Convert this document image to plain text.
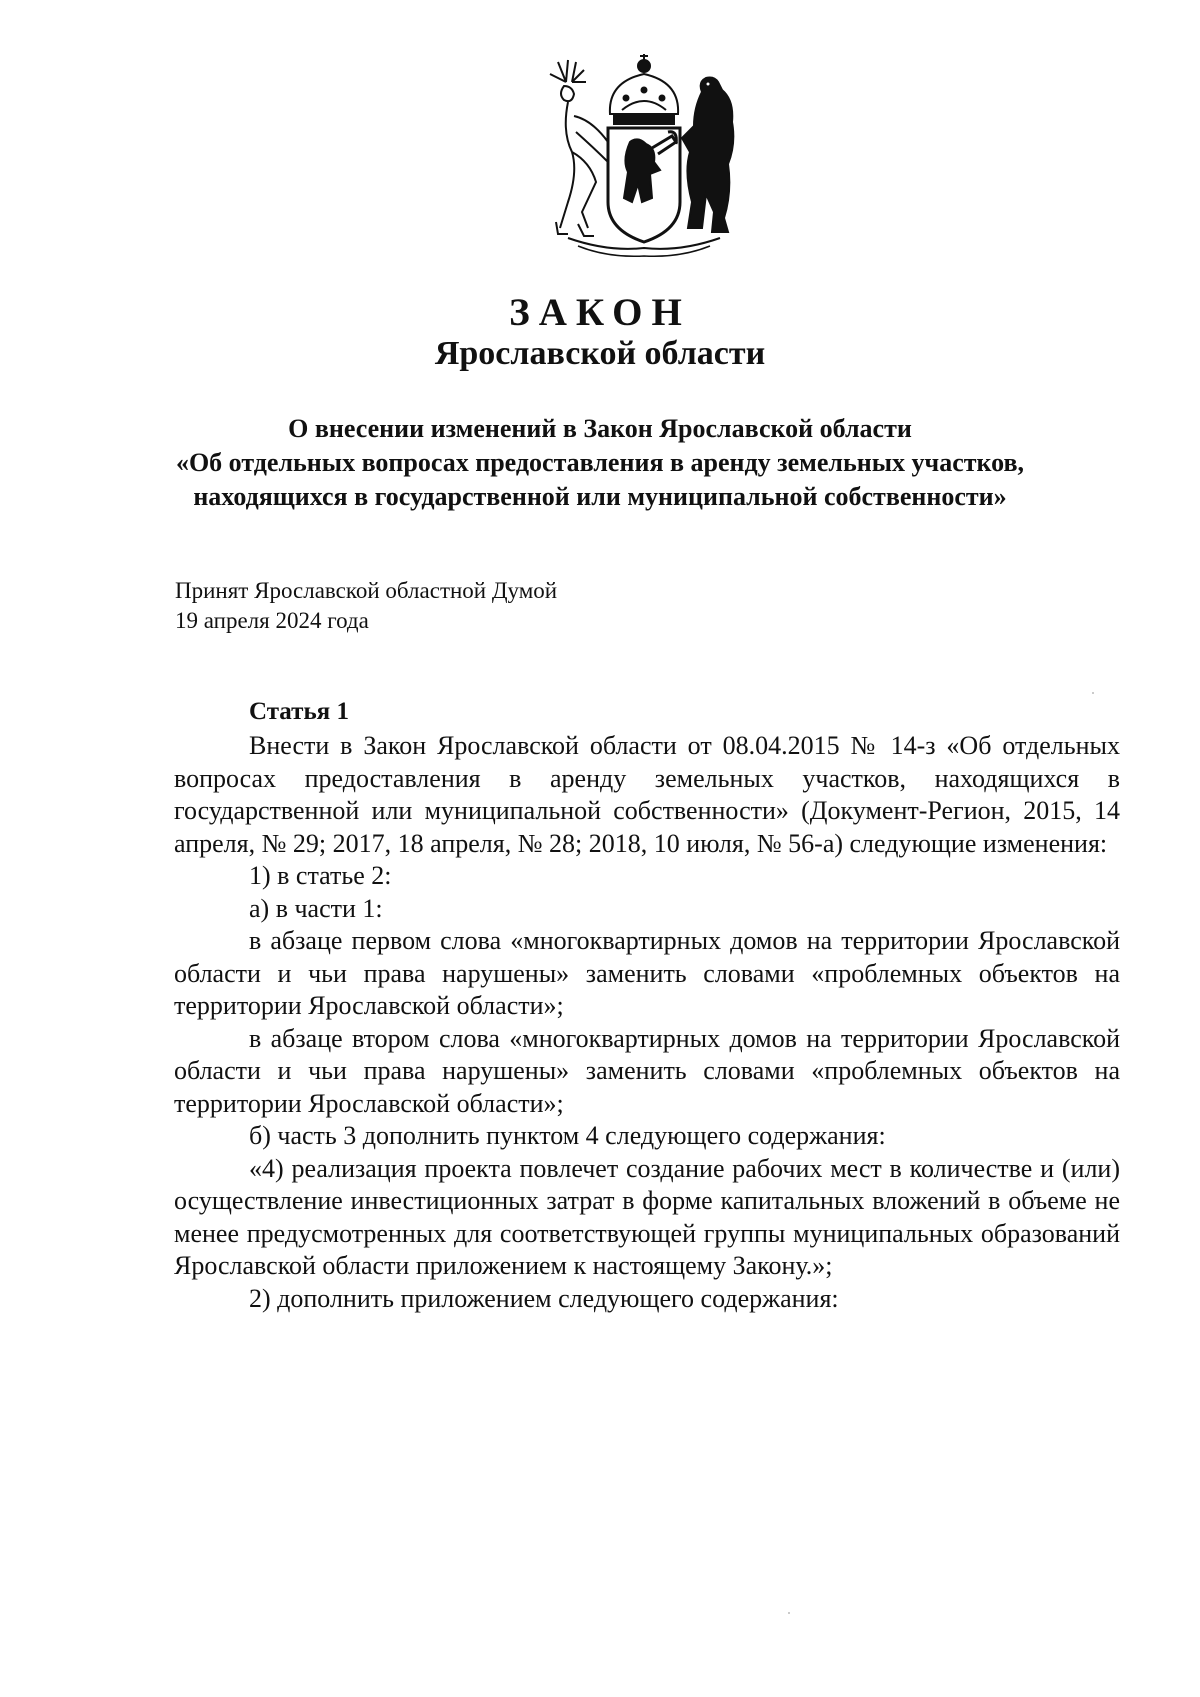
ЗАКОН
Ярославской области
О внесении изменений в Закон Ярославской области
«Об отдельных вопросах предоставления в аренду земельных участков,
находящихся в государственной или муниципальной собственности»
Принят Ярославской областной Думой
19 апреля 2024 года
Статья 1

Внести в Закон Ярославской области от 08.04.2015 № 14-з «Об отдельных вопросах предоставления в аренду земельных участков, находящихся в государственной или муниципальной собственности» (Документ-Регион, 2015, 14 апреля, № 29; 2017, 18 апреля, № 28; 2018, 10 июля, № 56-а) следующие изменения:

1) в статье 2:

а) в части 1:

в абзаце первом слова «многоквартирных домов на территории Ярославской области и чьи права нарушены» заменить словами «проблемных объектов на территории Ярославской области»;

в абзаце втором слова «многоквартирных домов на территории Ярославской области и чьи права нарушены» заменить словами «проблемных объектов на территории Ярославской области»;

б) часть 3 дополнить пунктом 4 следующего содержания:

«4) реализация проекта повлечет создание рабочих мест в количестве и (или) осуществление инвестиционных затрат в форме капитальных вложений в объеме не менее предусмотренных для соответствующей группы муниципальных образований Ярославской области приложением к настоящему Закону.»;

2) дополнить приложением следующего содержания:
